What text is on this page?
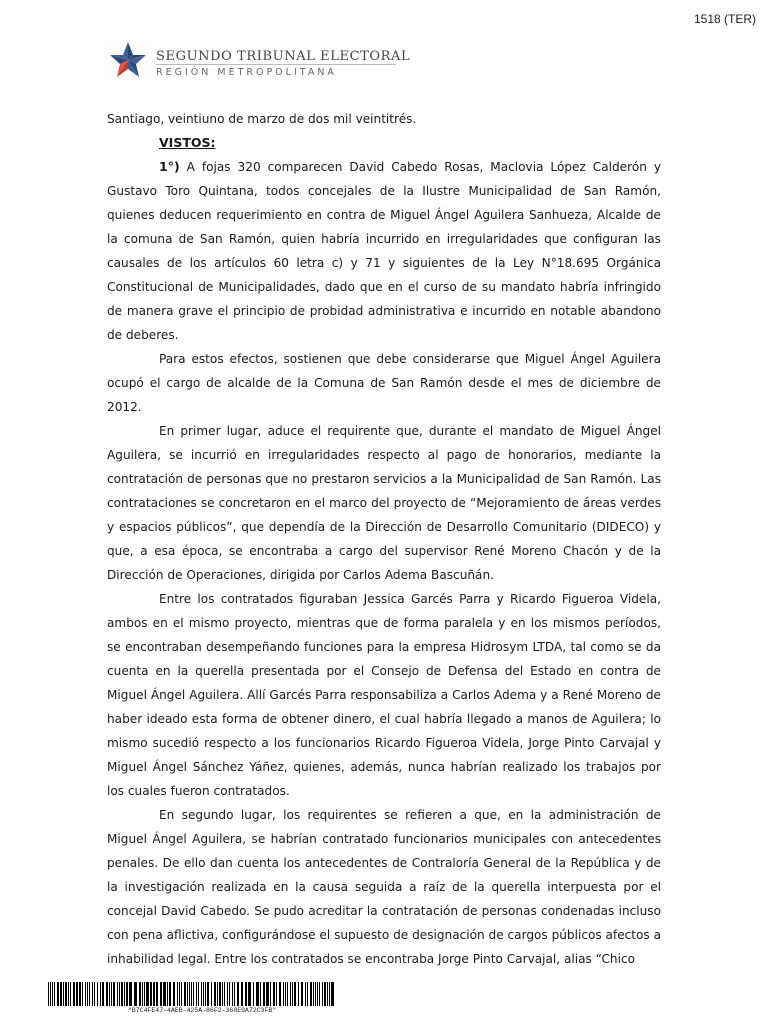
1518 (TER)
SEGUNDO TRIBUNAL ELECTORAL
REGIÓN METROPOLITANA

Santiago, veintiuno de marzo de dos mil veintitrés.

VISTOS:

1°) A fojas 320 comparecen David Cabedo Rosas, Maclovia López Calderón y Gustavo Toro Quintana, todos concejales de la Ilustre Municipalidad de San Ramón, quienes deducen requerimiento en contra de Miguel Ángel Aguilera Sanhueza, Alcalde de la comuna de San Ramón, quien habría incurrido en irregularidades que configuran las causales de los artículos 60 letra c) y 71 y siguientes de la Ley N°18.695 Orgánica Constitucional de Municipalidades, dado que en el curso de su mandato habría infringido de manera grave el principio de probidad administrativa e incurrido en notable abandono de deberes.

Para estos efectos, sostienen que debe considerarse que Miguel Ángel Aguilera ocupó el cargo de alcalde de la Comuna de San Ramón desde el mes de diciembre de 2012.

En primer lugar, aduce el requirente que, durante el mandato de Miguel Ángel Aguilera, se incurrió en irregularidades respecto al pago de honorarios, mediante la contratación de personas que no prestaron servicios a la Municipalidad de San Ramón. Las contrataciones se concretaron en el marco del proyecto de “Mejoramiento de áreas verdes y espacios públicos”, que dependía de la Dirección de Desarrollo Comunitario (DIDECO) y que, a esa época, se encontraba a cargo del supervisor René Moreno Chacón y de la Dirección de Operaciones, dirigida por Carlos Adema Bascuñán.

Entre los contratados figuraban Jessica Garcés Parra y Ricardo Figueroa Videla, ambos en el mismo proyecto, mientras que de forma paralela y en los mismos períodos, se encontraban desempeñando funciones para la empresa Hidrosym LTDA, tal como se da cuenta en la querella presentada por el Consejo de Defensa del Estado en contra de Miguel Ángel Aguilera. Allí Garcés Parra responsabiliza a Carlos Adema y a René Moreno de haber ideado esta forma de obtener dinero, el cual habría llegado a manos de Aguilera; lo mismo sucedió respecto a los funcionarios Ricardo Figueroa Videla, Jorge Pinto Carvajal y Miguel Ángel Sánchez Yáñez, quienes, además, nunca habrían realizado los trabajos por los cuales fueron contratados.

En segundo lugar, los requirentes se refieren a que, en la administración de Miguel Ángel Aguilera, se habrían contratado funcionarios municipales con antecedentes penales. De ello dan cuenta los antecedentes de Contraloría General de la República y de la investigación realizada en la causa seguida a raíz de la querella interpuesta por el concejal David Cabedo. Se pudo acreditar la contratación de personas condenadas incluso con pena aflictiva, configurándose el supuesto de designación de cargos públicos afectos a inhabilidad legal. Entre los contratados se encontraba Jorge Pinto Carvajal, alias “Chico

"B7C4FE47-4AEB-425A-86F2-368E9A72C3FB"
